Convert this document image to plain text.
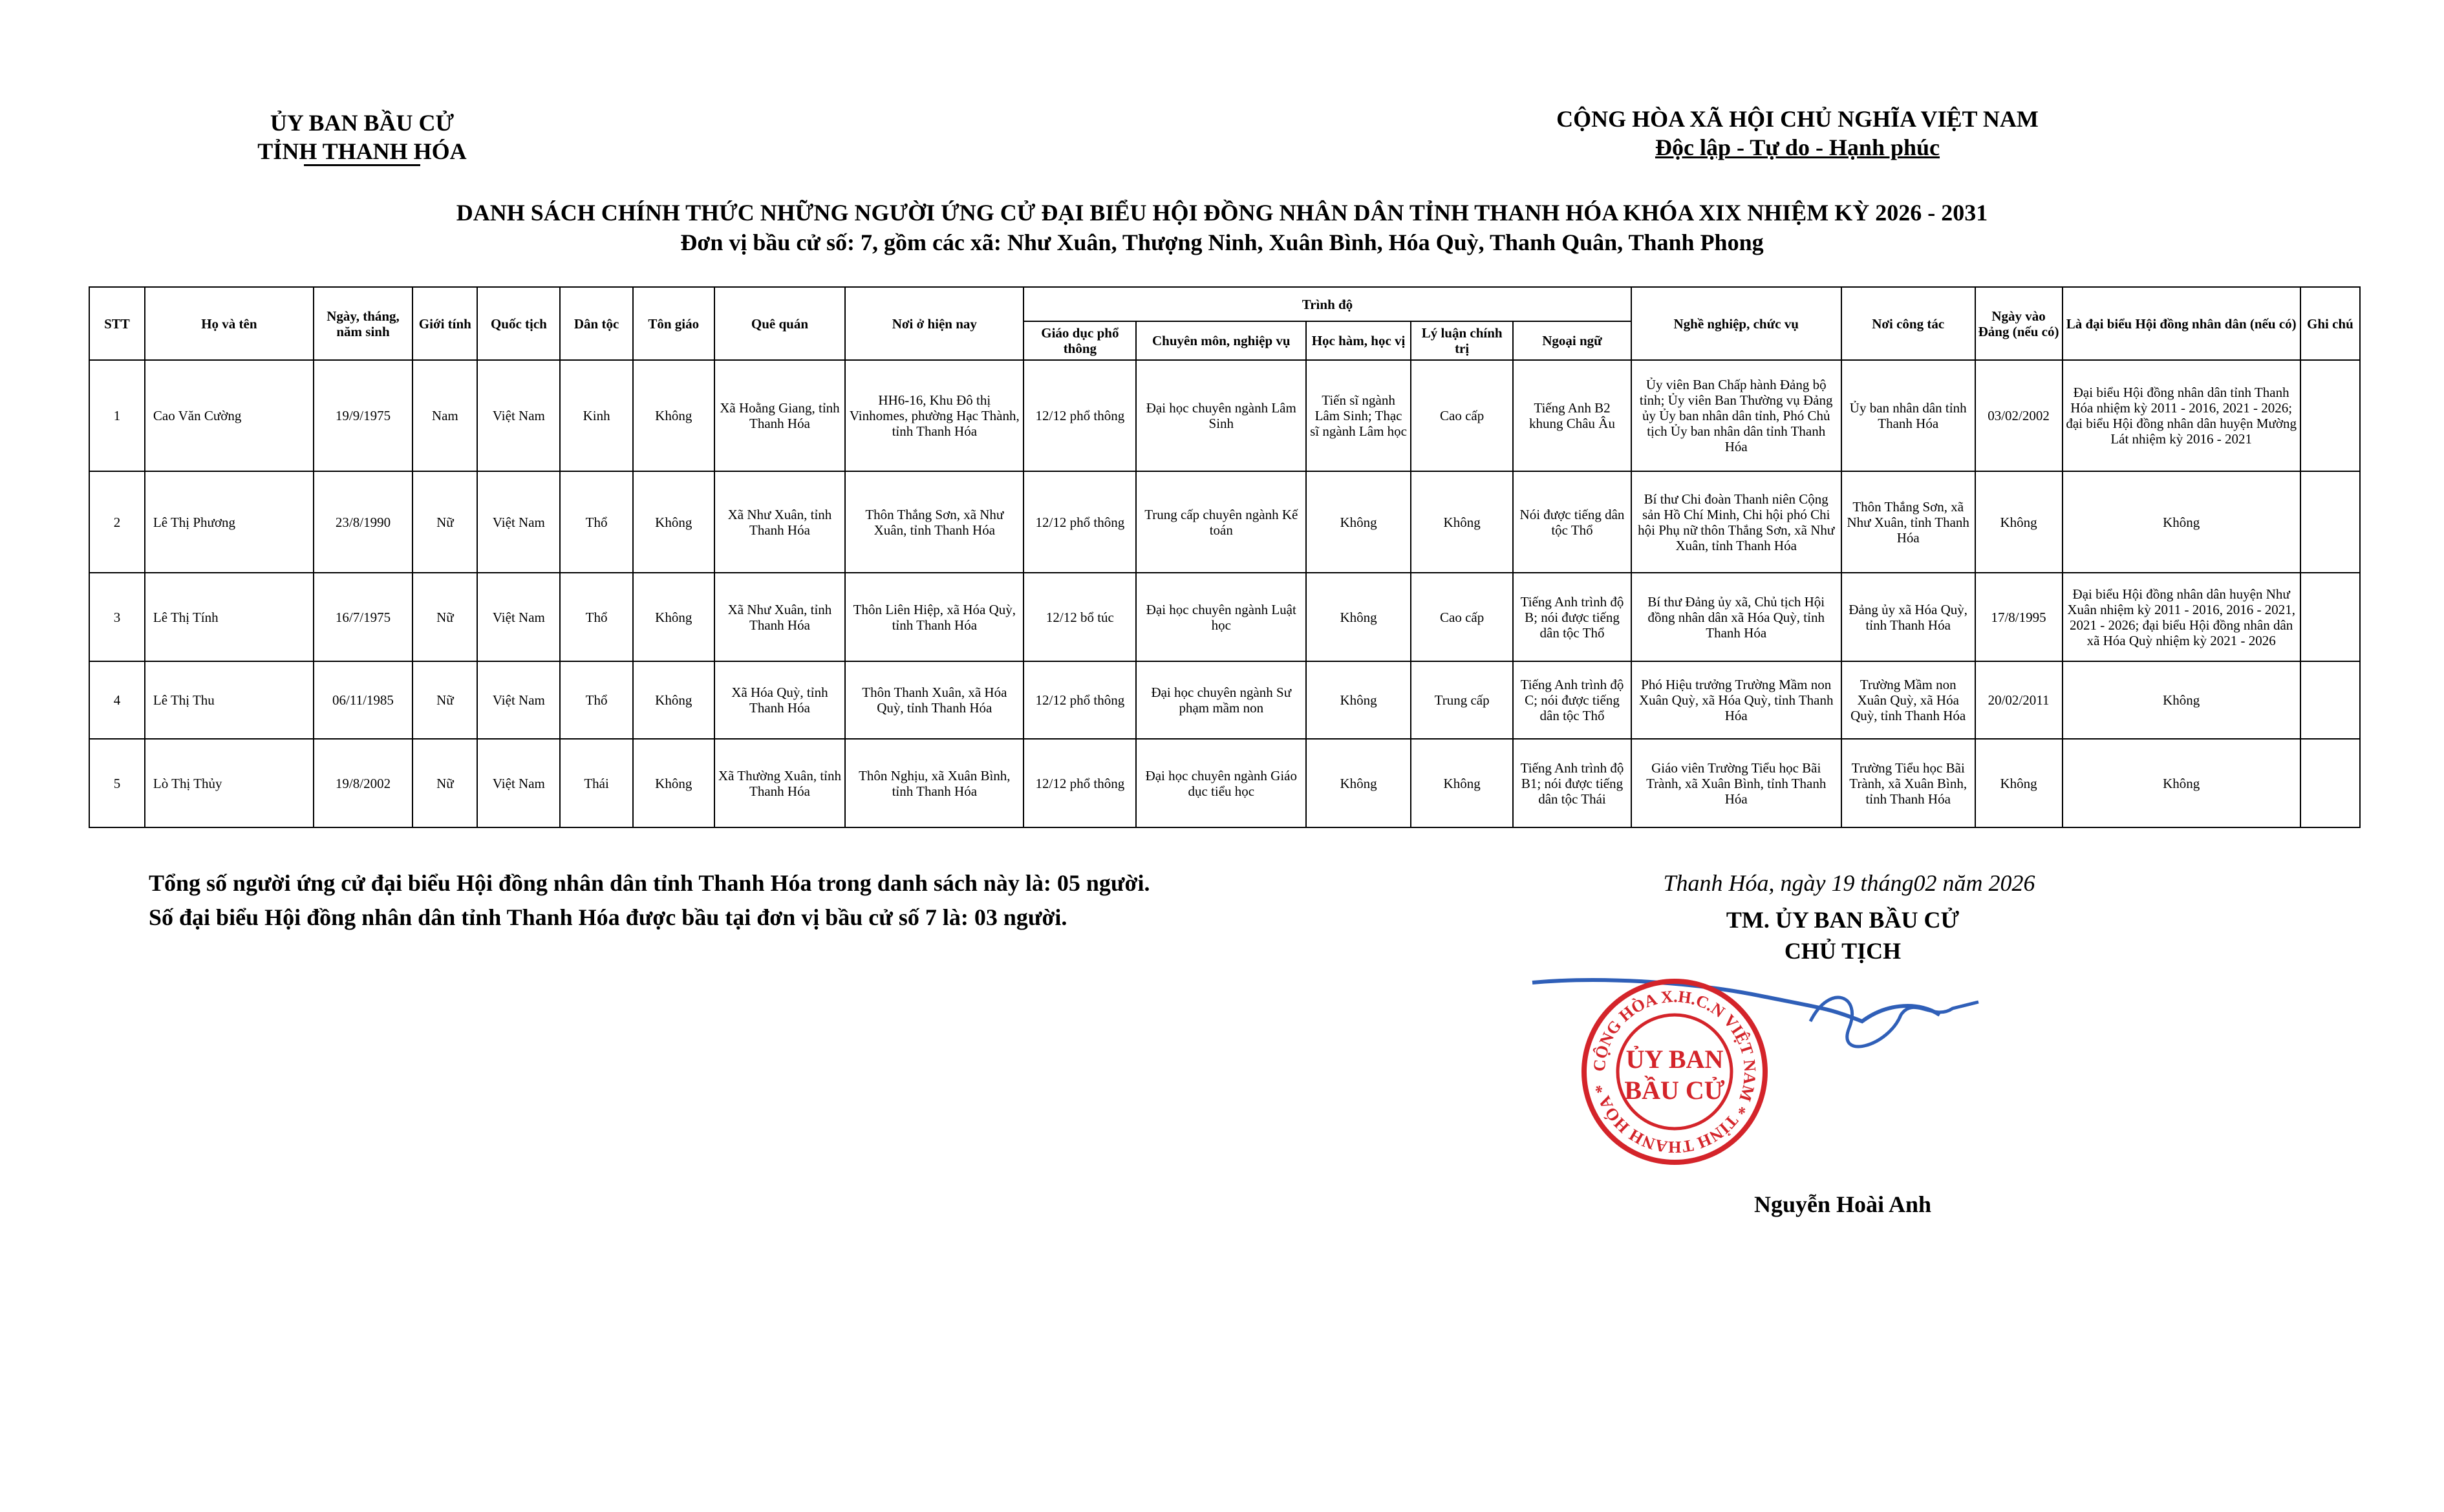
ỦY BAN BẦU CỬ
TỈNH THANH HÓA
CỘNG HÒA XÃ HỘI CHỦ NGHĨA VIỆT NAM
Độc lập - Tự do - Hạnh phúc
DANH SÁCH CHÍNH THỨC NHỮNG NGƯỜI ỨNG CỬ ĐẠI BIỂU HỘI ĐỒNG NHÂN DÂN TỈNH THANH HÓA KHÓA XIX NHIỆM KỲ 2026 - 2031
Đơn vị bầu cử số: 7, gồm các xã: Như Xuân, Thượng Ninh, Xuân Bình, Hóa Quỳ, Thanh Quân, Thanh Phong
STT	Họ và tên	Ngày, tháng, năm sinh	Giới tính	Quốc tịch	Dân tộc	Tôn giáo	Quê quán	Nơi ở hiện nay	Trình độ					Nghề nghiệp, chức vụ	Nơi công tác	Ngày vào Đảng (nếu có)	Là đại biểu Hội đồng nhân dân (nếu có)	Ghi chú
									Giáo dục phổ thông	Chuyên môn, nghiệp vụ	Học hàm, học vị	Lý luận chính trị	Ngoại ngữ					
1	Cao Văn Cường	19/9/1975	Nam	Việt Nam	Kinh	Không	Xã Hoằng Giang, tỉnh Thanh Hóa	HH6-16, Khu Đô thị Vinhomes, phường Hạc Thành, tỉnh Thanh Hóa	12/12 phổ thông	Đại học chuyên ngành Lâm Sinh	Tiến sĩ ngành Lâm Sinh; Thạc sĩ ngành Lâm học	Cao cấp	Tiếng Anh B2 khung Châu Âu	Ủy viên Ban Chấp hành Đảng bộ tỉnh; Ủy viên Ban Thường vụ Đảng ủy Ủy ban nhân dân tỉnh, Phó Chủ tịch Ủy ban nhân dân tỉnh Thanh Hóa	Ủy ban nhân dân tỉnh Thanh Hóa	03/02/2002	Đại biểu Hội đồng nhân dân tỉnh Thanh Hóa nhiệm kỳ 2011 - 2016, 2021 - 2026; đại biểu Hội đồng nhân dân huyện Mường Lát nhiệm kỳ 2016 - 2021	
2	Lê Thị Phương	23/8/1990	Nữ	Việt Nam	Thổ	Không	Xã Như Xuân, tỉnh Thanh Hóa	Thôn Thắng Sơn, xã Như Xuân, tỉnh Thanh Hóa	12/12 phổ thông	Trung cấp chuyên ngành Kế toán	Không	Không	Nói được tiếng dân tộc Thổ	Bí thư Chi đoàn Thanh niên Cộng sản Hồ Chí Minh, Chi hội phó Chi hội Phụ nữ thôn Thắng Sơn, xã Như Xuân, tỉnh Thanh Hóa	Thôn Thắng Sơn, xã Như Xuân, tỉnh Thanh Hóa	Không	Không	
3	Lê Thị Tính	16/7/1975	Nữ	Việt Nam	Thổ	Không	Xã Như Xuân, tỉnh Thanh Hóa	Thôn Liên Hiệp, xã Hóa Quỳ, tỉnh Thanh Hóa	12/12 bổ túc	Đại học chuyên ngành Luật học	Không	Cao cấp	Tiếng Anh trình độ B; nói được tiếng dân tộc Thổ	Bí thư Đảng ủy xã, Chủ tịch Hội đồng nhân dân xã Hóa Quỳ, tỉnh Thanh Hóa	Đảng ủy xã Hóa Quỳ, tỉnh Thanh Hóa	17/8/1995	Đại biểu Hội đồng nhân dân huyện Như Xuân nhiệm kỳ 2011 - 2016, 2016 - 2021, 2021 - 2026; đại biểu Hội đồng nhân dân xã Hóa Quỳ nhiệm kỳ 2021 - 2026	
4	Lê Thị Thu	06/11/1985	Nữ	Việt Nam	Thổ	Không	Xã Hóa Quỳ, tỉnh Thanh Hóa	Thôn Thanh Xuân, xã Hóa Quỳ, tỉnh Thanh Hóa	12/12 phổ thông	Đại học chuyên ngành Sư phạm mầm non	Không	Trung cấp	Tiếng Anh trình độ C; nói được tiếng dân tộc Thổ	Phó Hiệu trưởng Trường Mầm non Xuân Quỳ, xã Hóa Quỳ, tỉnh Thanh Hóa	Trường Mầm non Xuân Quỳ, xã Hóa Quỳ, tỉnh Thanh Hóa	20/02/2011	Không	
5	Lò Thị Thủy	19/8/2002	Nữ	Việt Nam	Thái	Không	Xã Thường Xuân, tỉnh Thanh Hóa	Thôn Nghịu, xã Xuân Bình, tỉnh Thanh Hóa	12/12 phổ thông	Đại học chuyên ngành Giáo dục tiểu học	Không	Không	Tiếng Anh trình độ B1; nói được tiếng dân tộc Thái	Giáo viên Trường Tiểu học Bãi Trành, xã Xuân Bình, tỉnh Thanh Hóa	Trường Tiểu học Bãi Trành, xã Xuân Bình, tỉnh Thanh Hóa	Không	Không	
Tổng số người ứng cử đại biểu Hội đồng nhân dân tỉnh Thanh Hóa trong danh sách này là: 05 người.
Số đại biểu Hội đồng nhân dân tỉnh Thanh Hóa được bầu tại đơn vị bầu cử số 7 là: 03 người.
Thanh Hóa, ngày 19 tháng02 năm 2026
TM. ỦY BAN BẦU CỬ
CHỦ TỊCH
CỘNG HÒA X.H.C.N VIỆT NAM * TỈNH THANH HÓA *
ỦY BAN
BẦU CỬ
Nguyễn Hoài Anh
